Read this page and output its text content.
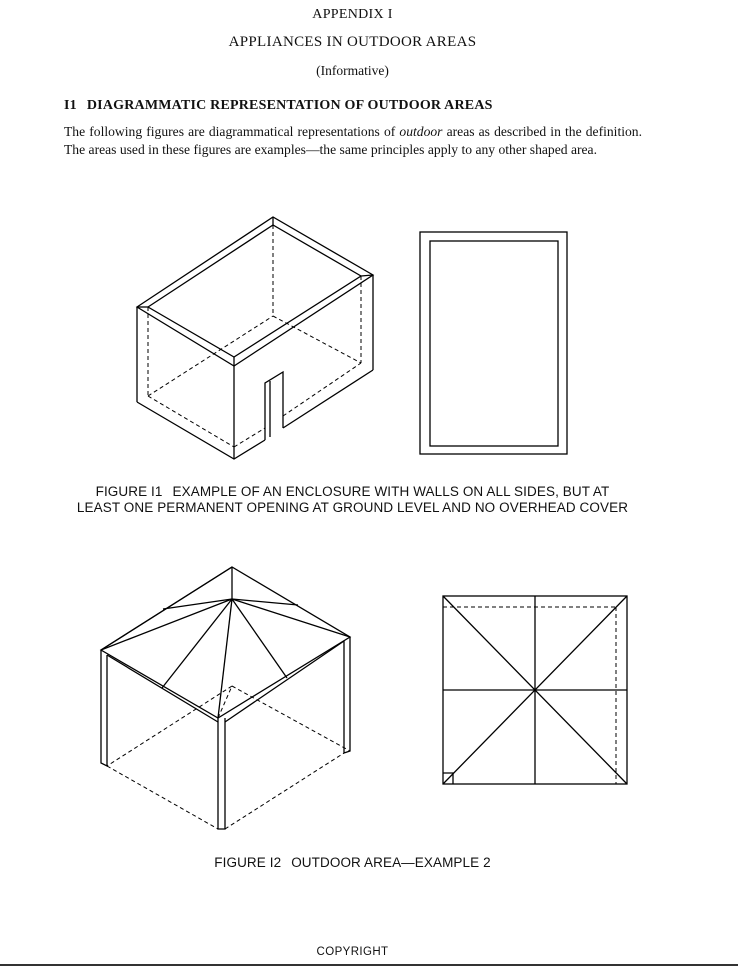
APPENDIX I
APPLIANCES IN OUTDOOR AREAS
(Informative)
I1 DIAGRAMMATIC REPRESENTATION OF OUTDOOR AREAS
The following figures are diagrammatical representations of outdoor areas as described in the definition. The areas used in these figures are examples—the same principles apply to any other shaped area.
FIGURE I1 EXAMPLE OF AN ENCLOSURE WITH WALLS ON ALL SIDES, BUT AT
LEAST ONE PERMANENT OPENING AT GROUND LEVEL AND NO OVERHEAD COVER
FIGURE I2 OUTDOOR AREA—EXAMPLE 2
COPYRIGHT
